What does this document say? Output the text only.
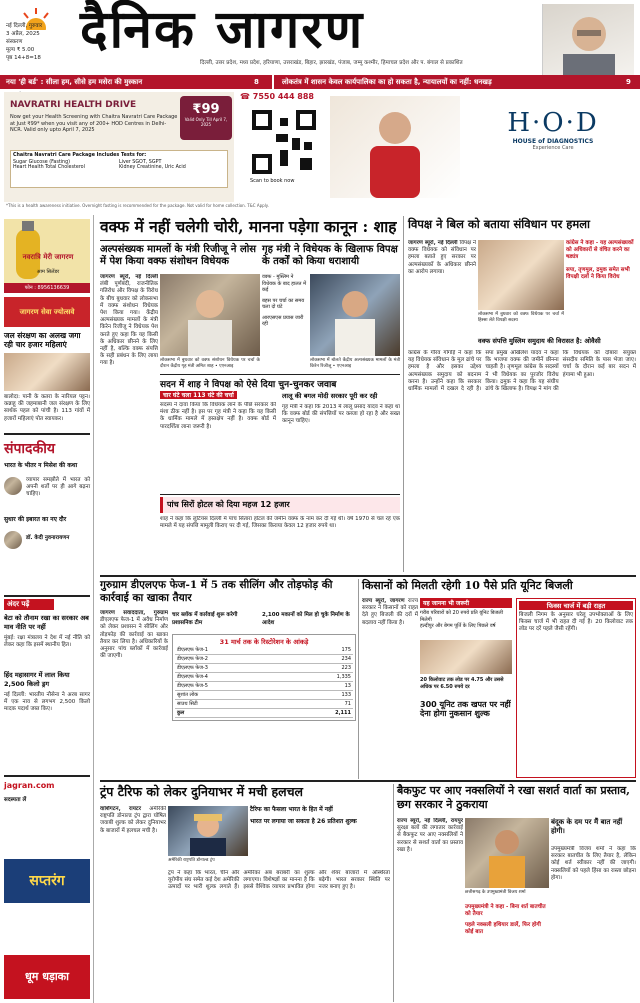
नई दिल्ली, गुरुवार
3 अप्रैल, 2025
संस्करण
मूल्य ₹ 5.00
पृष्ठ 14+8=18 दैनिक जागरण
दिल्ली, उत्तर प्रदेश, मध्य प्रदेश, हरियाणा, उत्तराखंड, बिहार, झारखंड, पंजाब, जम्मू कश्मीर, हिमाचल प्रदेश और प. बंगाल से प्रकाशित
नया 'ही बर्ड' : सीला हम, सीसे हम मसेरा की मुस्कान	8	लोकतंत्र में शासन केवल कार्यपालिका का हो सकता है, न्यायालयों का नहीं: धनखड़	9
NAVRATRI HEALTH DRIVE
Now get your Health Screening with Chaitra Navratri Care Package at Just ₹99* when you visit any of 200+ HOD Centres in Delhi-NCR. Valid only upto April 7, 2025
₹99
Valid Only Till April 7, 2025
Chaitra Navratri Care Package Includes Tests for:
Sugar Glucose (Fasting)	Liver SGOT, SGPT
Heart Health Total Cholesterol	Kidney Creatinine, Uric Acid
☎ 7550 444 888
Scan to book now
H·O·D
HOUSE of DIAGNOSTICS
Experience Care
*This is a health awareness initiative. Overnight fasting is recommended for the package. Not valid for home collection. T&C Apply.
नवरात्रि मेरी जागरण
आम सिलेंडर
फोन : 8956136639
जागरण सेवा ज्योत्सवे
जल संरक्षण का अलख जगा रही चार हजार महिलाएं
बालोदा: पानी के कतरा के नारियल पट्टन। कन्नाहू की जहमाबानी जल संरक्षण के लिए सार्थक पहल को पांची है। 113 गांवों में हजारों महिलाएं पोत स्वायकर।
संपादकीय
भारत के भीतर न मिसेश की कथा
व्यापार समझौते में भारत को अपनी शर्तों पर ही आगे बढ़ना चाहिए।
सुधार की इबारत का नए दौर
डॉ. केदी नुवनारायणन
अंदर पढ़ें
बेटा को तौनाम रखा का सरकार अब माव नीति पर नहीं
मुंबई: रक्षा मंत्रालय ने देश में नई नीति को लेकर कहा कि इसमें स्थानीय हित।
हिंद महासागर में लाल किया 2,500 किलो ड्रग
नई दिल्ली: भारतीय नौसेना ने अरब सागर में एक नाव से लगभग 2,500 किलो मादक पदार्थ जब्त किए।
jagran.com
सदस्यता लें
सप्तरंग
धूम धड़ाका
वक्फ में नहीं चलेगी चोरी, मानना पड़ेगा कानून : शाह
अल्पसंख्यक मामलों के मंत्री रिजीजू ने लोस में पेश किया वक्फ संशोधन विधेयक
गृह मंत्री ने विधेयक के खिलाफ विपक्ष के तर्कों को किया धराशायी
जागरण ब्यूरो, नई दिल्ली लंबी पूर्णबंदी, राजनीतिक गतिरोध और विपक्ष के विरोध के बीच बुधवार को लोकसभा में वक्फ संशोधन विधेयक पेश किया गया। केंद्रीय अल्पसंख्यक मामलों के मंत्री किरेन रिजीजू ने विधेयक पेश करते हुए कहा कि यह किसी के अधिकार छीनने के लिए नहीं है, बल्कि वक्फ संपत्ति के सही प्रबंधन के लिए लाया गया है।	लोकसभा में बुधवार को वक्फ संशोधन विधेयक पर चर्चा के दौरान केंद्रीय गृह मंत्री अमित शाह • एएनआइ
वक्फ - मुस्लिम ने विधेयक के बाद हालत में कई
बहस पर चर्चा का समय चला दो घंटे
आरएसएस प्रयास जारी रही
लोकसभा में बोलते केंद्रीय अल्पसंख्यक मामलों के मंत्री किरेन रिजीजू • एएनआइ
सदन में शाह ने विपक्ष को ऐसे दिया चुन-चुनकर जवाब
चार घंटे चला 113 घंटे की चर्चा
सदस्य ने दावा किया कि विधेयक लाने के पीछे सरकार की मंशा ठीक नहीं है। इस पर गृह मंत्री ने कहा कि यह किसी के धार्मिक मामले में हस्तक्षेप नहीं है। वक्फ बोर्ड में पारदर्शिता लाना जरूरी है।
लालू की बगल मोदी सरकार पूरी कर रही
गृह मंत्री ने कहा कि 2013 में लालू प्रसाद यादव ने कहा था कि वक्फ बोर्ड की संपत्तियों पर कब्जा हो रहा है और सख्त कानून चाहिए।
पांच सिरों होटल को दिया महज 12 हजार
शाह ने कहा कि लुटियंस दिल्ली में पांच सितारा होटल की जमीन वक्फ के नाम कर दी गई थी। वर्ष 1970 से चल रहे एक मामले में यह संपत्ति मामूली किराए पर दी गई, जिसका किराया केवल 12 हजार रुपये था।
विपक्ष ने बिल को बताया संविधान पर हमला
जागरण ब्यूरो, नई दिल्ली विपक्ष ने वक्फ विधेयक को संविधान पर हमला बताते हुए सरकार पर अल्पसंख्यकों के अधिकार छीनने का आरोप लगाया।
लोकसभा में बुधवार को वक्फ विधेयक पर चर्चा में हिस्सा लेते विपक्षी सदस्य
कांग्रेस ने कहा - यह अल्पसंख्यकों को अधिकारों से वंचित करने का षड्यंत्र
सपा, तृणमूल, द्रमुक समेत सभी विपक्षी दलों ने किया विरोध
वक्फ संपत्ति मुस्लिम समुदाय की विरासत है: ओवैसी
कांग्रेस के गौरव गोगोई ने कहा कि यह विधेयक संविधान के मूल ढांचे पर हमला है और इसका उद्देश्य अल्पसंख्यक समुदाय को बदनाम करना है। उन्होंने कहा कि सरकार धार्मिक मामलों में दखल दे रही है। सपा प्रमुख अखिलेश यादव ने कहा कि भाजपा वक्फ की जमीनें छीनना चाहती है। तृणमूल कांग्रेस के सदस्यों ने भी विधेयक का पुरजोर विरोध किया। द्रमुक ने कहा कि यह संघीय ढांचे के खिलाफ है। विपक्ष ने मांग की कि विधेयक को दोबारा संयुक्त संसदीय समिति के पास भेजा जाए। चर्चा के दौरान कई बार सदन में हंगामा भी हुआ।
गुरुग्राम डीएलएफ फेज-1 में 5 तक सीलिंग और तोड़फोड़ की कार्रवाई का खाका तैयार
जागरण संवाददाता, गुरुग्राम डीएलएफ फेज-1 में अवैध निर्माण को लेकर प्रशासन ने सीलिंग और तोड़फोड़ की कार्रवाई का खाका तैयार कर लिया है। अधिकारियों के अनुसार पांच ब्लॉकों में कार्रवाई की जाएगी।
चार ब्लॉक में कार्रवाई शुरू करेगी प्रशासनिक टीम
2,100 मकानों को मिल हो चुके निर्माण के आदेश
31 मार्च तक के रिस्टोरेशन के आंकड़े
डीएलएफ फेज-1	175
डीएलएफ फेज-2	234
डीएलएफ फेज-3	223
डीएलएफ फेज-4	1,335
डीएलएफ फेज-5	13
सुशांत लोक	133
साउथ सिटी	71
कुल	2,111
किसानों को मिलती रहेगी 10 पैसे प्रति यूनिट बिजली
राज्य ब्यूरो, जागरण राज्य सरकार ने किसानों को राहत देते हुए बिजली की दरों में बदलाव नहीं किया है।
यह जानना भी जरूरी
गरीब परिवारों को 20 रुपये प्रति यूनिट बिजली मिलेगी
हल्दीपुर और बेगम पूर्ति के लिए पिछले वर्ष
20 किलोवाट तक लोड पर 4.75 और उससे अधिक पर 6.50 रुपये दर
300 यूनिट तक खपत पर नहीं देना होगा नुकसान शुल्क
फिक्स चार्ज में बड़ी राहत
बिजली निगम के अनुसार घरेलू उपभोक्ताओं के लिए फिक्स चार्ज में भी राहत दी गई है। 20 किलोवाट तक लोड पर दरें पहले जैसी रहेंगी।
ट्रंप टैरिफ को लेकर दुनियाभर में मची हलचल
वाशिंगटन, रायटर अमेरिकी राष्ट्रपति डोनाल्ड ट्रंप द्वारा घोषित जवाबी शुल्क को लेकर दुनियाभर के बाजारों में हलचल मची है।
अमेरिकी राष्ट्रपति डोनाल्ड ट्रंप
टैरिफ का फैसला भारत के हित में नहीं
भारत पर लगाया जा सकता है 26 प्रतिशत शुल्क
ट्रंप ने कहा कि भारत, चीन और यूरोपीय संघ समेत कई देश अमेरिकी उत्पादों पर भारी शुल्क लगाते हैं। अमेरिका अब बराबरी का शुल्क लगाएगा। विशेषज्ञों का मानना है कि इससे वैश्विक व्यापार प्रभावित होगा और शेयर बाजारों में अस्थिरता बढ़ेगी। भारत सरकार स्थिति पर नजर बनाए हुए है।
बैकफुट पर आए नक्सलियों ने रखा सशर्त वार्ता का प्रस्ताव, छग सरकार ने ठुकराया
राज्य ब्यूरो, नई दिल्ली, रायपुर सुरक्षा बलों की लगातार कार्रवाई से बैकफुट पर आए नक्सलियों ने सरकार से सशर्त वार्ता का प्रस्ताव रखा है।
छत्तीसगढ़ के उपमुख्यमंत्री विजय शर्मा
उपमुख्यमंत्री ने कहा - बिना शर्त बातचीत को तैयार
पहले नक्सली हथियार डालें, फिर होगी कोई बात
बंदूक के दम पर मैं बात नहीं होगी।
उपमुख्यमंत्री विजय शर्मा ने कहा कि सरकार बातचीत के लिए तैयार है, लेकिन कोई शर्त स्वीकार नहीं की जाएगी। नक्सलियों को पहले हिंसा का रास्ता छोड़ना होगा।
